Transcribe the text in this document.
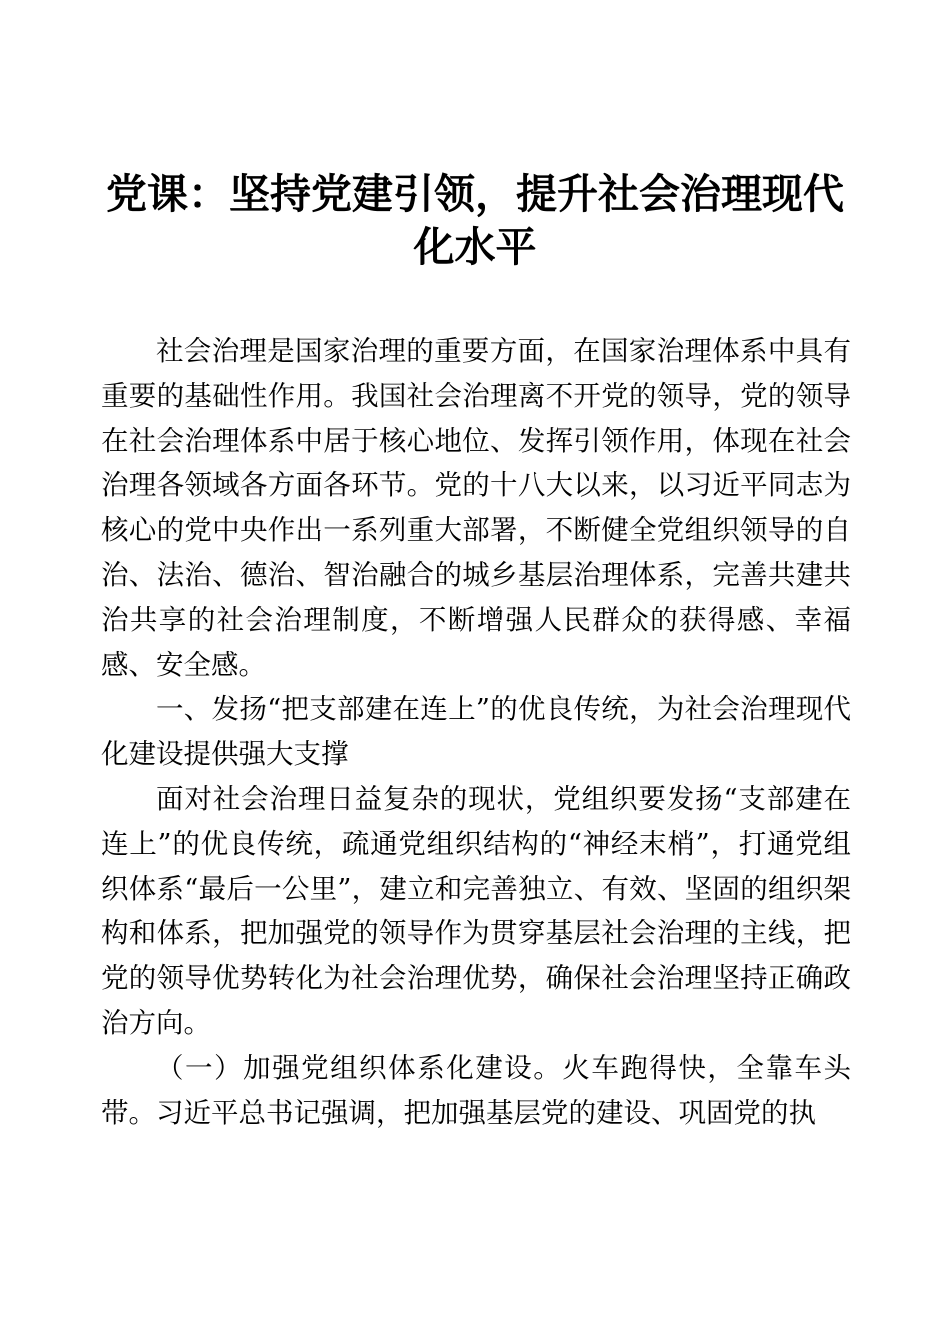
党课：坚持党建引领，提升社会治理现代化水平

社会治理是国家治理的重要方面，在国家治理体系中具有重要的基础性作用。我国社会治理离不开党的领导，党的领导在社会治理体系中居于核心地位、发挥引领作用，体现在社会治理各领域各方面各环节。党的十八大以来，以习近平同志为核心的党中央作出一系列重大部署，不断健全党组织领导的自治、法治、德治、智治融合的城乡基层治理体系，完善共建共治共享的社会治理制度，不断增强人民群众的获得感、幸福感、安全感。

一、发扬“把支部建在连上”的优良传统，为社会治理现代化建设提供强大支撑

面对社会治理日益复杂的现状，党组织要发扬“支部建在连上”的优良传统，疏通党组织结构的“神经末梢”，打通党组织体系“最后一公里”，建立和完善独立、有效、坚固的组织架构和体系，把加强党的领导作为贯穿基层社会治理的主线，把党的领导优势转化为社会治理优势，确保社会治理坚持正确政治方向。

（一）加强党组织体系化建设。火车跑得快，全靠车头带。习近平总书记强调，把加强基层党的建设、巩固党的执
